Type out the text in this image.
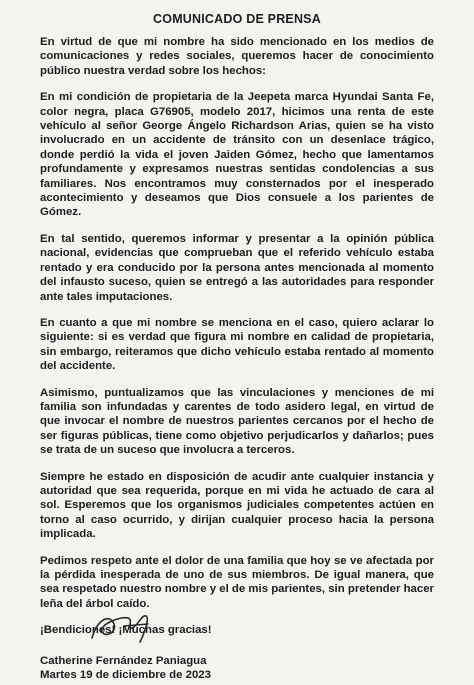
COMUNICADO DE PRENSA

En virtud de que mi nombre ha sido mencionado en los medios de comunicaciones y redes sociales, queremos hacer de conocimiento público nuestra verdad sobre los hechos:

En mi condición de propietaria de la Jeepeta marca Hyundai Santa Fe, color negra, placa G76905, modelo 2017, hicimos una renta de este vehículo al señor George Ángelo Richardson Arias, quien se ha visto involucrado en un accidente de tránsito con un desenlace trágico, donde perdió la vida el joven Jaiden Gómez, hecho que lamentamos profundamente y expresamos nuestras sentidas condolencias a sus familiares. Nos encontramos muy consternados por el inesperado acontecimiento y deseamos que Dios consuele a los parientes de Gómez.

En tal sentido, queremos informar y presentar a la opinión pública nacional, evidencias que comprueban que el referido vehículo estaba rentado y era conducido por la persona antes mencionada al momento del infausto suceso, quien se entregó a las autoridades para responder ante tales imputaciones.

En cuanto a que mi nombre se menciona en el caso, quiero aclarar lo siguiente: si es verdad que figura mi nombre en calidad de propietaria, sin embargo, reiteramos que dicho vehículo estaba rentado al momento del accidente.

Asimismo, puntualizamos que las vinculaciones y menciones de mi familia son infundadas y carentes de todo asidero legal, en virtud de que invocar el nombre de nuestros parientes cercanos por el hecho de ser figuras públicas, tiene como objetivo perjudicarlos y dañarlos; pues se trata de un suceso que involucra a terceros.

Siempre he estado en disposición de acudir ante cualquier instancia y autoridad que sea requerida, porque en mi vida he actuado de cara al sol. Esperemos que los organismos judiciales competentes actúen en torno al caso ocurrido, y dirijan cualquier proceso hacia la persona implicada.

Pedimos respeto ante el dolor de una familia que hoy se ve afectada por la pérdida inesperada de uno de sus miembros. De igual manera, que sea respetado nuestro nombre y el de mis parientes, sin pretender hacer leña del árbol caído.

¡Bendiciones! ¡Muchas gracias!

Catherine Fernández Paniagua

Martes 19 de diciembre de 2023
